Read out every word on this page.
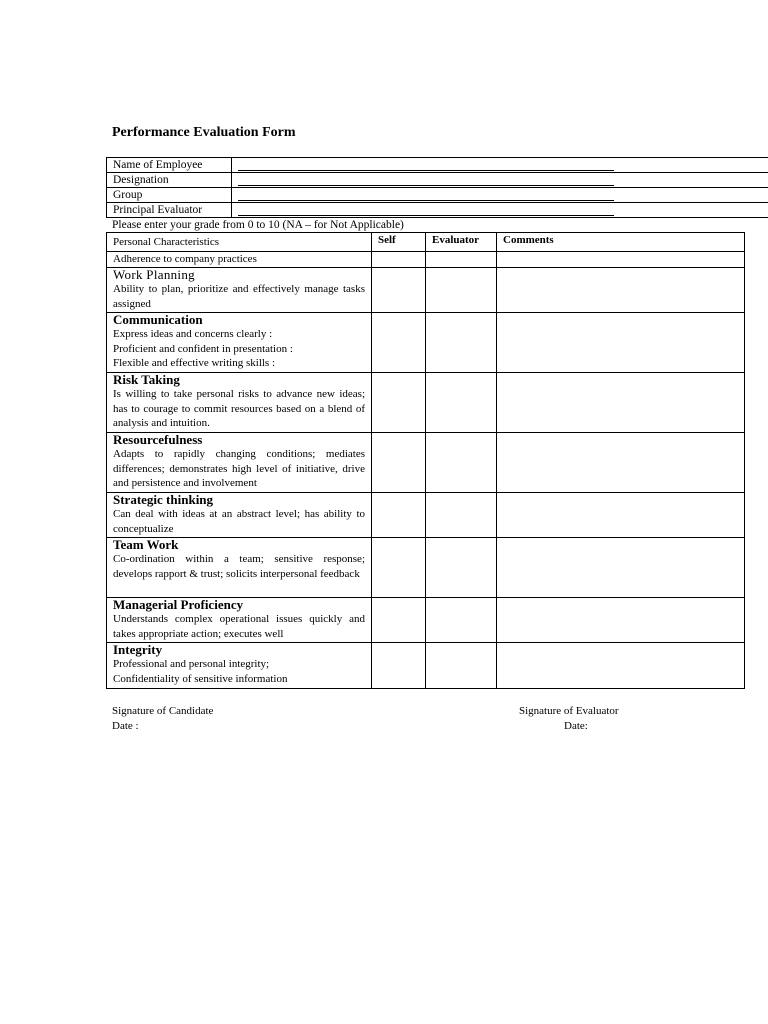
Performance Evaluation Form
Name of Employee	

Designation	

Group	

Principal Evaluator	
Please enter your grade from 0 to 10 (NA – for Not Applicable)
Personal Characteristics	Self	Evaluator	Comments

Adherence to company practices			

Work Planning
Ability to plan, prioritize and effectively manage tasks assigned			

Communication
Express ideas and concerns clearly :
Proficient and confident in presentation :
Flexible and effective writing skills :			

Risk Taking
Is willing to take personal risks to advance new ideas; has to courage to commit resources based on a blend of analysis and intuition.			

Resourcefulness
Adapts to rapidly changing conditions; mediates differences; demonstrates high level of initiative, drive and persistence and involvement			

Strategic thinking
Can deal with ideas at an abstract level; has ability to conceptualize			

Team Work
Co-ordination within a team; sensitive response; develops rapport & trust; solicits interpersonal feedback			

Managerial Proficiency
Understands complex operational issues quickly and takes appropriate action; executes well			

Integrity
Professional and personal integrity;
Confidentiality of sensitive information			

Signature of Candidate
Date :
Signature of Evaluator
Date:
